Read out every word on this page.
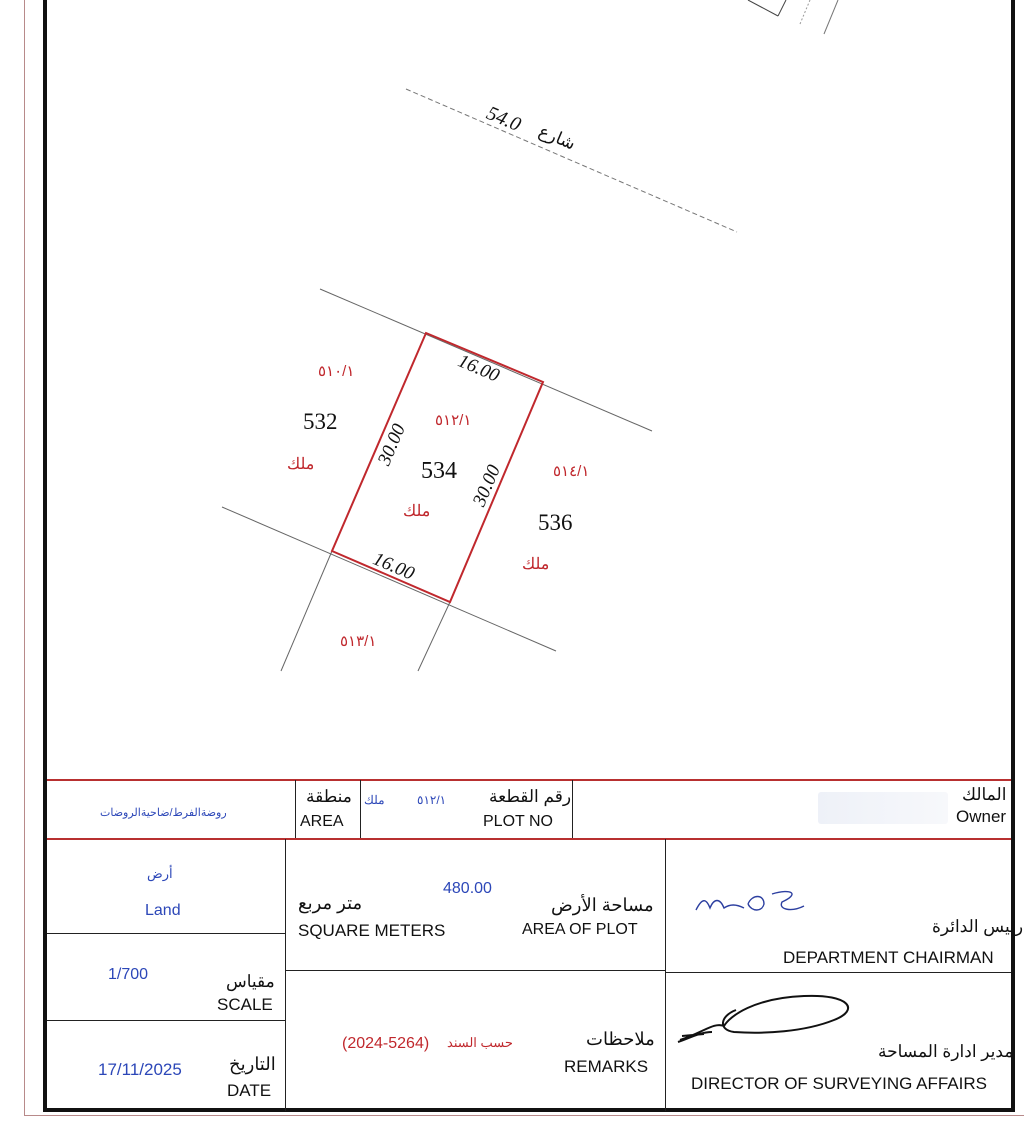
54.0
شارع
16.00
30.00
30.00
16.00
534
٥١٢/١
ملك
532
٥١٠/١
ملك
536
٥١٤/١
ملك
٥١٣/١
روضةالفرط/ضاحيةالروضات
منطقة
AREA
ملك	٥١٢/١	رقم القطعة
PLOT NO
المالك
Owner
أرض
Land
1/700	مقياس
SCALE
17/11/2025	التاريخ
DATE
480.00
متر مربع
SQUARE METERS
مساحة الأرض
AREA OF PLOT
(2024-5264) حسب السند	ملاحظات
REMARKS
رئيس الدائرة
DEPARTMENT CHAIRMAN
مدير ادارة المساحة
DIRECTOR OF SURVEYING AFFAIRS
